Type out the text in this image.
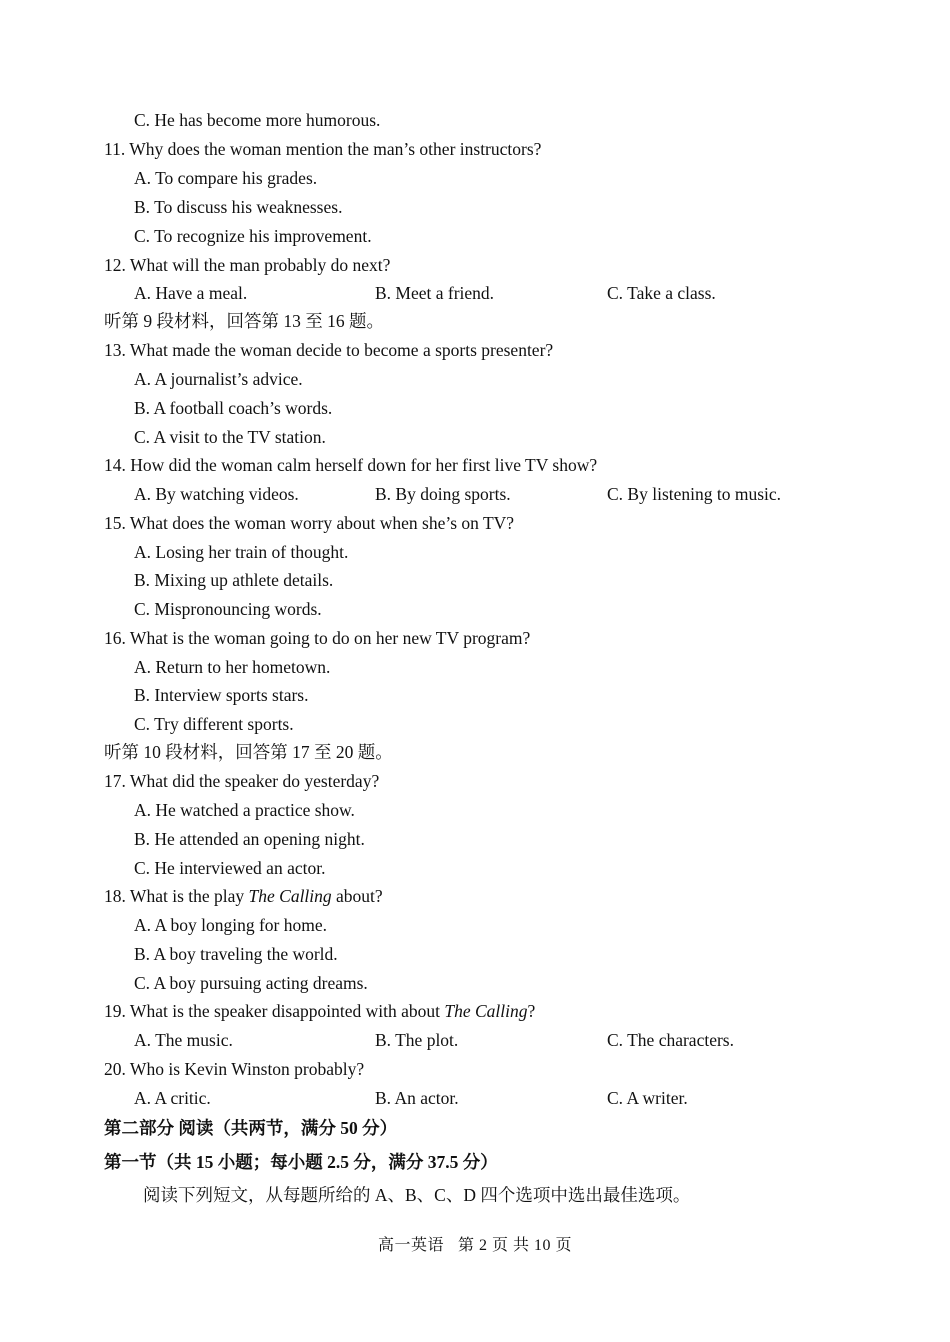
C. He has become more humorous.
11. Why does the woman mention the man’s other instructors?
A. To compare his grades.
B. To discuss his weaknesses.
C. To recognize his improvement.
12. What will the man probably do next?
A. Have a meal.	B. Meet a friend.	C. Take a class.
听第 9 段材料，回答第 13 至 16 题。
13. What made the woman decide to become a sports presenter?
A. A journalist’s advice.
B. A football coach’s words.
C. A visit to the TV station.
14. How did the woman calm herself down for her first live TV show?
A. By watching videos.	B. By doing sports.	C. By listening to music.
15. What does the woman worry about when she’s on TV?
A. Losing her train of thought.
B. Mixing up athlete details.
C. Mispronouncing words.
16. What is the woman going to do on her new TV program?
A. Return to her hometown.
B. Interview sports stars.
C. Try different sports.
听第 10 段材料，回答第 17 至 20 题。
17. What did the speaker do yesterday?
A. He watched a practice show.
B. He attended an opening night.
C. He interviewed an actor.
18. What is the play The Calling about?
A. A boy longing for home.
B. A boy traveling the world.
C. A boy pursuing acting dreams.
19. What is the speaker disappointed with about The Calling?
A. The music.	B. The plot.	C. The characters.
20. Who is Kevin Winston probably?
A. A critic.	B. An actor.	C. A writer.
第二部分 阅读（共两节，满分 50 分）
第一节（共 15 小题；每小题 2.5 分，满分 37.5 分）
阅读下列短文，从每题所给的 A、B、C、D 四个选项中选出最佳选项。
高一英语 第 2 页 共 10 页
